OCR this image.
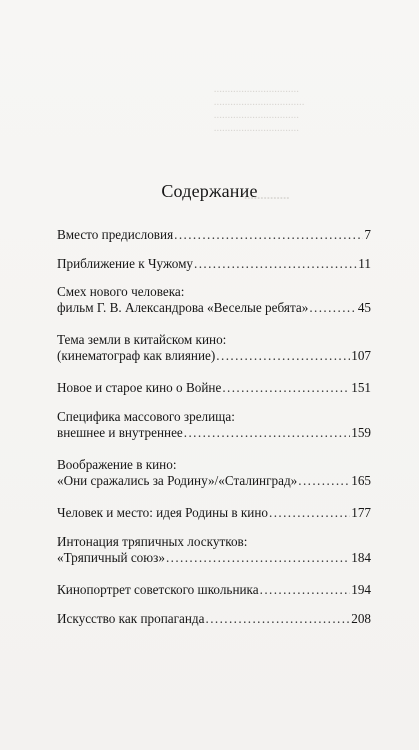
...............................
.................................
...............................
...............................
..............
Содержание
Вместо предисловия .....	7
Приближение к Чужому .....	11
Смех нового человека:
фильм Г. В. Александрова «Веселые ребята» .....	45
Тема земли в китайском кино:
(кинематограф как влияние) .....	107
Новое и старое кино о Войне .....	151
Специфика массового зрелища:
внешнее и внутреннее .....	159
Воображение в кино:
«Они сражались за Родину»/«Сталинград» .....	165
Человек и место: идея Родины в кино .....	177
Интонация тряпичных лоскутков:
«Тряпичный союз» .....	184
Кинопортрет советского школьника .....	194
Искусство как пропаганда .....	208
